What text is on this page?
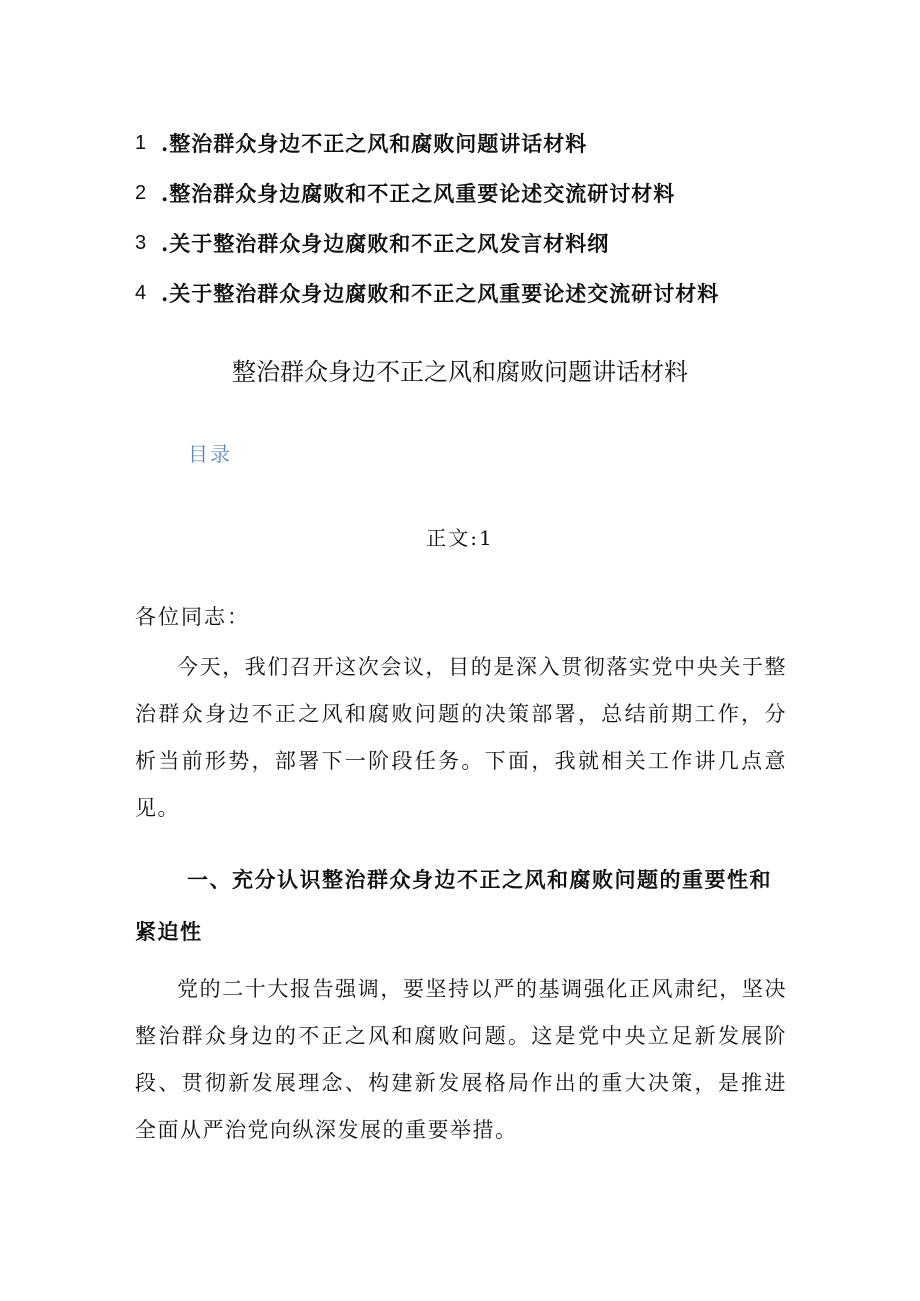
1 .整治群众身边不正之风和腐败问题讲话材料
2 .整治群众身边腐败和不正之风重要论述交流研讨材料
3 .关于整治群众身边腐败和不正之风发言材料纲
4 .关于整治群众身边腐败和不正之风重要论述交流研讨材料
整治群众身边不正之风和腐败问题讲话材料
目录
正文:1
各位同志：
今天，我们召开这次会议，目的是深入贯彻落实党中央关于整治群众身边不正之风和腐败问题的决策部署，总结前期工作，分析当前形势，部署下一阶段任务。下面，我就相关工作讲几点意见。
一、充分认识整治群众身边不正之风和腐败问题的重要性和紧迫性
党的二十大报告强调，要坚持以严的基调强化正风肃纪，坚决整治群众身边的不正之风和腐败问题。这是党中央立足新发展阶段、贯彻新发展理念、构建新发展格局作出的重大决策，是推进全面从严治党向纵深发展的重要举措。
